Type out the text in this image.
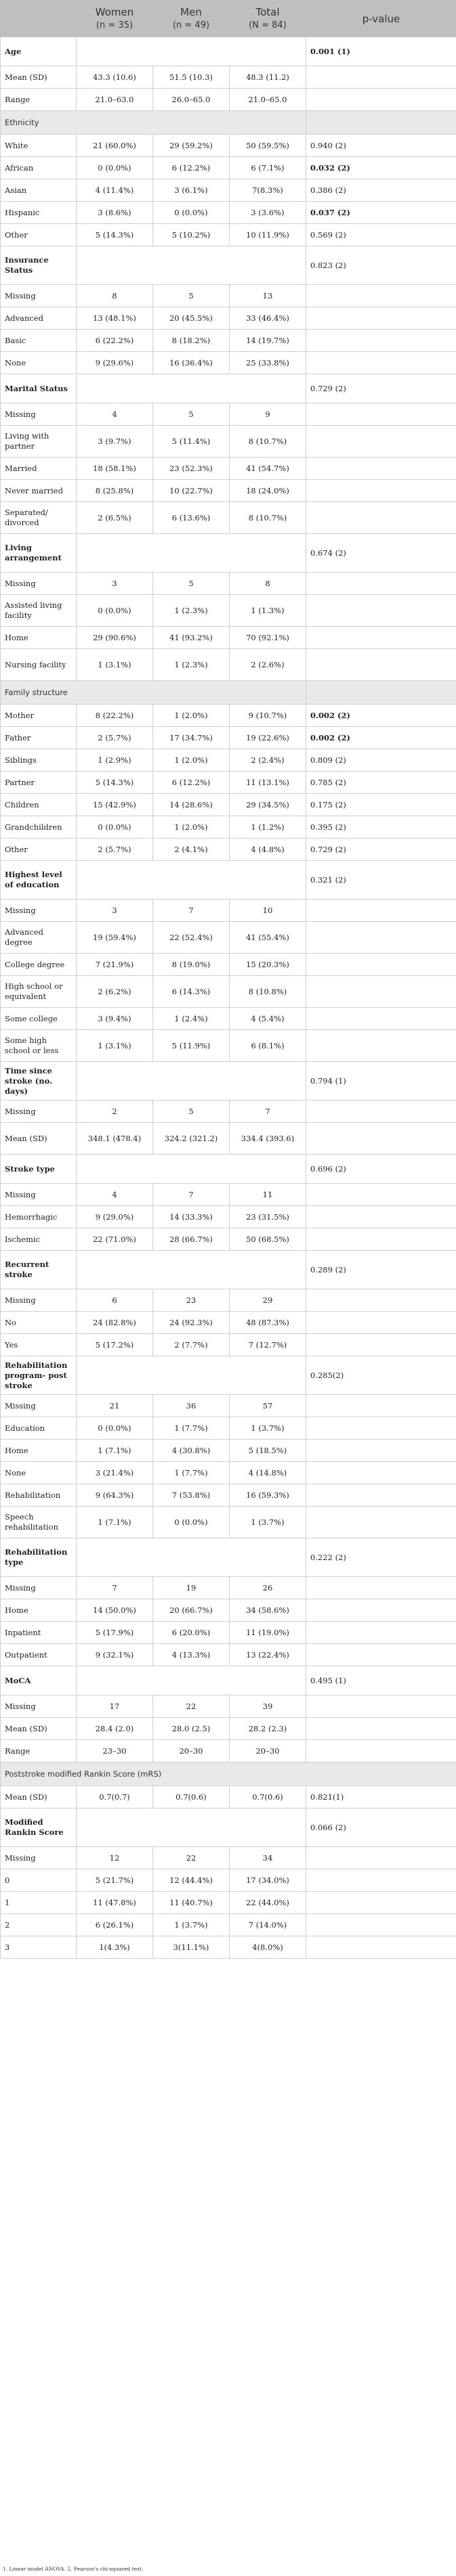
	Women
(n = 35)	Men
(n = 49)	Total
(N = 84)	p-value
Age				0.001 (1)
Mean (SD)	43.3 (10.6)	51.5 (10.3)	48.3 (11.2)	
Range	21.0–63.0	26.0–65.0	21.0–65.0	
Ethnicity				
White	21 (60.0%)	29 (59.2%)	50 (59.5%)	0.940 (2)
African	0 (0.0%)	6 (12.2%)	6 (7.1%)	0.032 (2)
Asian	4 (11.4%)	3 (6.1%)	7(8.3%)	0.386 (2)
Hispanic	3 (8.6%)	0 (0.0%)	3 (3.6%)	0.037 (2)
Other	5 (14.3%)	5 (10.2%)	10 (11.9%)	0.569 (2)
Insurance Status				0.823 (2)
Missing	8	5	13	
Advanced	13 (48.1%)	20 (45.5%)	33 (46.4%)	
Basic	6 (22.2%)	8 (18.2%)	14 (19.7%)	
None	9 (29.6%)	16 (36.4%)	25 (33.8%)	
Marital Status				0.729 (2)
Missing	4	5	9	
Living with partner	3 (9.7%)	5 (11.4%)	8 (10.7%)	
Married	18 (58.1%)	23 (52.3%)	41 (54.7%)	
Never married	8 (25.8%)	10 (22.7%)	18 (24.0%)	
Separated/ divorced	2 (6.5%)	6 (13.6%)	8 (10.7%)	
Living arrangement				0.674 (2)
Missing	3	5	8	
Assisted living facility	0 (0.0%)	1 (2.3%)	1 (1.3%)	
Home	29 (90.6%)	41 (93.2%)	70 (92.1%)	
Nursing facility	1 (3.1%)	1 (2.3%)	2 (2.6%)	
Family structure				
Mother	8 (22.2%)	1 (2.0%)	9 (10.7%)	0.002 (2)
Father	2 (5.7%)	17 (34.7%)	19 (22.6%)	0.002 (2)
Siblings	1 (2.9%)	1 (2.0%)	2 (2.4%)	0.809 (2)
Partner	5 (14.3%)	6 (12.2%)	11 (13.1%)	0.785 (2)
Children	15 (42.9%)	14 (28.6%)	29 (34.5%)	0.175 (2)
Grandchildren	0 (0.0%)	1 (2.0%)	1 (1.2%)	0.395 (2)
Other	2 (5.7%)	2 (4.1%)	4 (4.8%)	0.729 (2)
Highest level of education				0.321 (2)
Missing	3	7	10	
Advanced degree	19 (59.4%)	22 (52.4%)	41 (55.4%)	
College degree	7 (21.9%)	8 (19.0%)	15 (20.3%)	
High school or equivalent	2 (6.2%)	6 (14.3%)	8 (10.8%)	
Some college	3 (9.4%)	1 (2.4%)	4 (5.4%)	
Some high school or less	1 (3.1%)	5 (11.9%)	6 (8.1%)	
Time since stroke (no. days)				0.794 (1)
Missing	2	5	7	
Mean (SD)	348.1 (478.4)	324.2 (321.2)	334.4 (393.6)	
Stroke type				0.696 (2)
Missing	4	7	11	
Hemorrhagic	9 (29.0%)	14 (33.3%)	23 (31.5%)	
Ischemic	22 (71.0%)	28 (66.7%)	50 (68.5%)	
Recurrent stroke				0.289 (2)
Missing	6	23	29	
No	24 (82.8%)	24 (92.3%)	48 (87.3%)	
Yes	5 (17.2%)	2 (7.7%)	7 (12.7%)	
Rehabilitation program- post stroke				0.285(2)
Missing	21	36	57	
Education	0 (0.0%)	1 (7.7%)	1 (3.7%)	
Home	1 (7.1%)	4 (30.8%)	5 (18.5%)	
None	3 (21.4%)	1 (7.7%)	4 (14.8%)	
Rehabilitation	9 (64.3%)	7 (53.8%)	16 (59.3%)	
Speech rehabilitation	1 (7.1%)	0 (0.0%)	1 (3.7%)	
Rehabilitation type				0.222 (2)
Missing	7	19	26	
Home	14 (50.0%)	20 (66.7%)	34 (58.6%)	
Inpatient	5 (17.9%)	6 (20.0%)	11 (19.0%)	
Outpatient	9 (32.1%)	4 (13.3%)	13 (22.4%)	
MoCA				0.495 (1)
Missing	17	22	39	
Mean (SD)	28.4 (2.0)	28.0 (2.5)	28.2 (2.3)	
Range	23–30	20–30	20–30	
Poststroke modified Rankin Score (mRS)				
Mean (SD)	0.7(0.7)	0.7(0.6)	0.7(0.6)	0.821(1)
Modified Rankin Score				0.066 (2)
Missing	12	22	34	
0	5 (21.7%)	12 (44.4%)	17 (34.0%)	
1	11 (47.8%)	11 (40.7%)	22 (44.0%)	
2	6 (26.1%)	1 (3.7%)	7 (14.0%)	
3	1(4.3%)	3(11.1%)	4(8.0%)	
1. Linear model ANOVA. 2. Pearson's chi-squared test.
